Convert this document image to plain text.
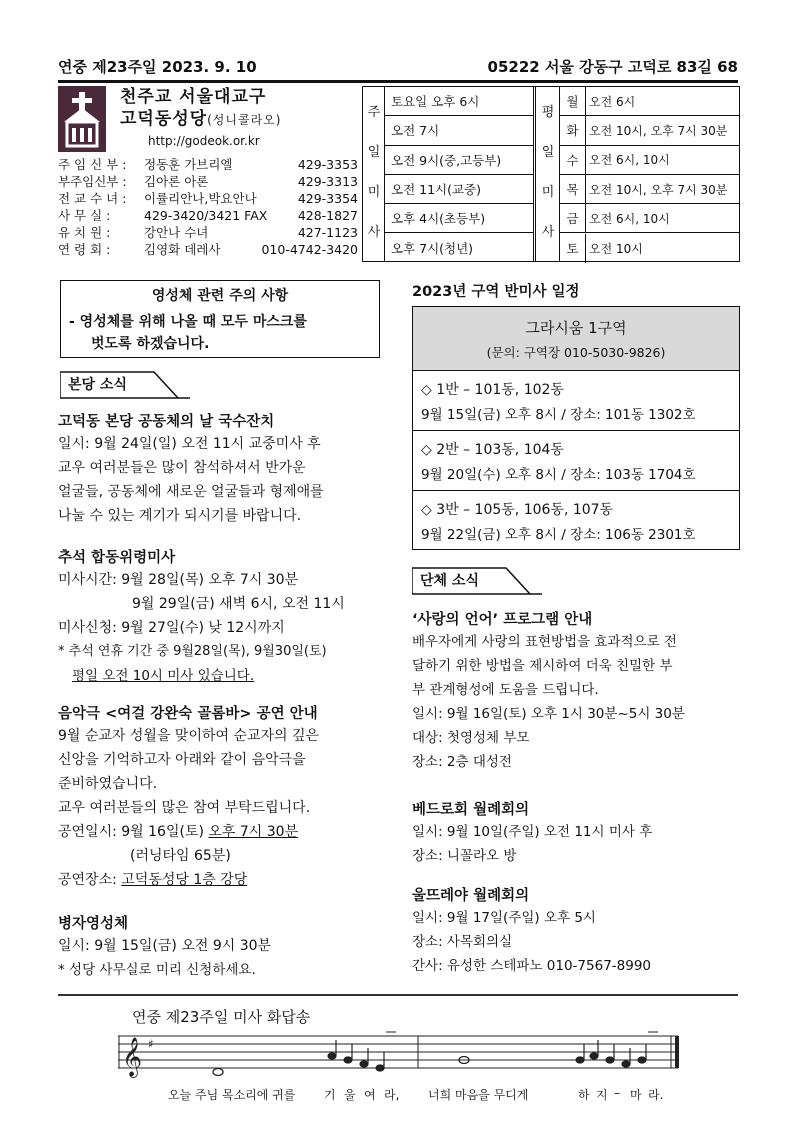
연중 제23주일 2023. 9. 10	05222 서울 강동구 고덕로 83길 68
천주교 서울대교구
고덕동성당(성니콜라오)
http://godeok.or.kr
주 임 신 부 : 정동훈 가브리엘	429-3353
부주임신부 : 김아론 아론	429-3313
전 교 수 녀 : 이률리안나,박요안나	429-3354
사 무 실 :	429-3420/3421 FAX 428-1827
유 치 원 :	강안나 수녀	427-1123
연 령 회 :	김영화 데레사	010-4742-3420
주
일
미
사
토요일 오후 6시
오전 7시
오전 9시(중,고등부)
오전 11시(교중)
오후 4시(초등부)
오후 7시(청년)
평
일
미
사
월 오전 6시
화 오전 10시, 오후 7시 30분
수 오전 6시, 10시
목 오전 10시, 오후 7시 30분
금 오전 6시, 10시
토 오전 10시
영성체 관련 주의 사항
- 영성체를 위해 나올 때 모두 마스크를
벗도록 하겠습니다.
본당 소식
고덕동 본당 공동체의 날 국수잔치
일시: 9월 24일(일) 오전 11시 교중미사 후
교우 여러분들은 많이 참석하셔서 반가운
얼굴들, 공동체에 새로운 얼굴들과 형제애를
나눌 수 있는 계기가 되시기를 바랍니다.
추석 합동위령미사
미사시간: 9월 28일(목) 오후 7시 30분
9월 29일(금) 새벽 6시, 오전 11시
미사신청: 9월 27일(수) 낮 12시까지
* 추석 연휴 기간 중 9월28일(목), 9월30일(토)
평일 오전 10시 미사 있습니다.
음악극 <여걸 강완숙 골롬바> 공연 안내
9월 순교자 성월을 맞이하여 순교자의 깊은
신앙을 기억하고자 아래와 같이 음악극을
준비하였습니다.
교우 여러분들의 많은 참여 부탁드립니다.
공연일시: 9월 16일(토) 오후 7시 30분
(러닝타임 65분)
공연장소: 고덕동성당 1층 강당
병자영성체
일시: 9월 15일(금) 오전 9시 30분
* 성당 사무실로 미리 신청하세요.
2023년 구역 반미사 일정
그라시움 1구역
(문의: 구역장 010-5030-9826)
◇ 1반 – 101동, 102동
9월 15일(금) 오후 8시 / 장소: 101동 1302호
◇ 2반 – 103동, 104동
9월 20일(수) 오후 8시 / 장소: 103동 1704호
◇ 3반 – 105동, 106동, 107동
9월 22일(금) 오후 8시 / 장소: 106동 2301호
단체 소식
‘사랑의 언어’ 프로그램 안내
배우자에게 사랑의 표현방법을 효과적으로 전
달하기 위한 방법을 제시하여 더욱 친밀한 부
부 관계형성에 도움을 드립니다.
일시: 9월 16일(토) 오후 1시 30분~5시 30분
대상: 첫영성체 부모
장소: 2층 대성전
베드로회 월례회의
일시: 9월 10일(주일) 오전 11시 미사 후
장소: 니꼴라오 방
울뜨레야 월례회의
일시: 9월 17일(주일) 오후 5시
장소: 사목회의실
간사: 유성한 스테파노 010-7567-8990
연중 제23주일 미사 화답송
𝄞 ♯
오늘 주님 목소리에 귀를 기 울 여 라, 너희 마음을 무디게	하 지 – 마 라.
